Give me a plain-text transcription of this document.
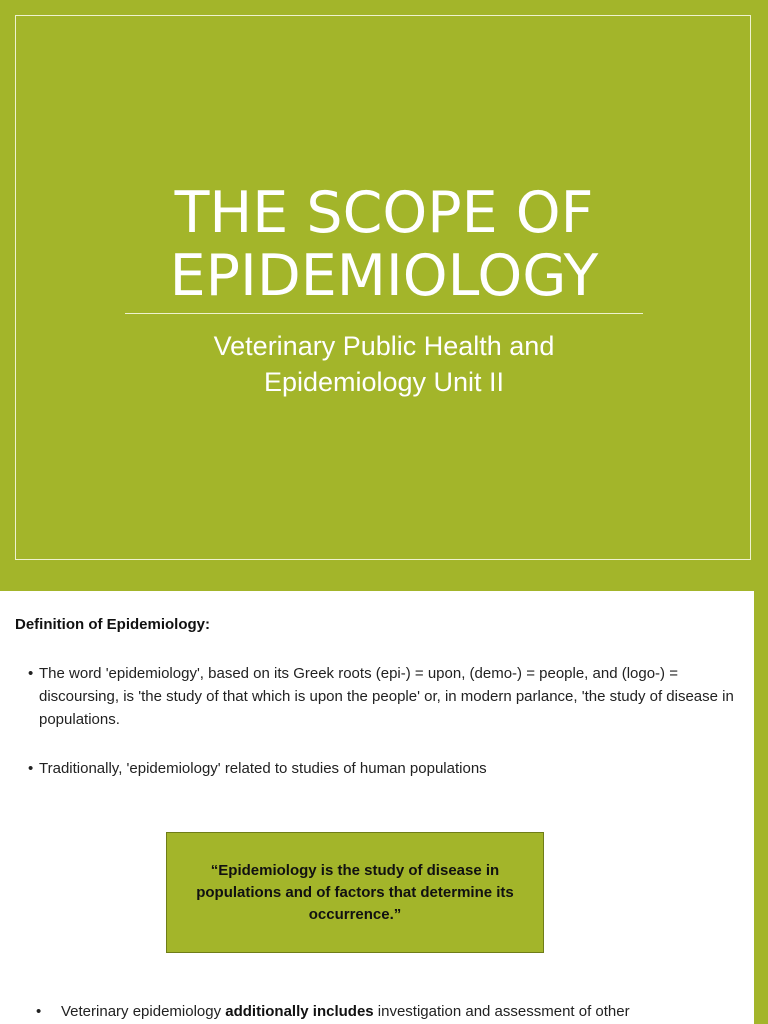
THE SCOPE OF
EPIDEMIOLOGY
Veterinary Public Health and
Epidemiology Unit II
Definition of Epidemiology:
• The word 'epidemiology', based on its Greek roots (epi-) = upon, (demo-) = people, and (logo-) = discoursing, is 'the study of that which is upon the people' or, in modern parlance, 'the study of disease in populations.
• Traditionally, 'epidemiology' related to studies of human populations
“Epidemiology is the study of disease in populations and of factors that determine its occurrence.”
• Veterinary epidemiology additionally includes investigation and assessment of other
